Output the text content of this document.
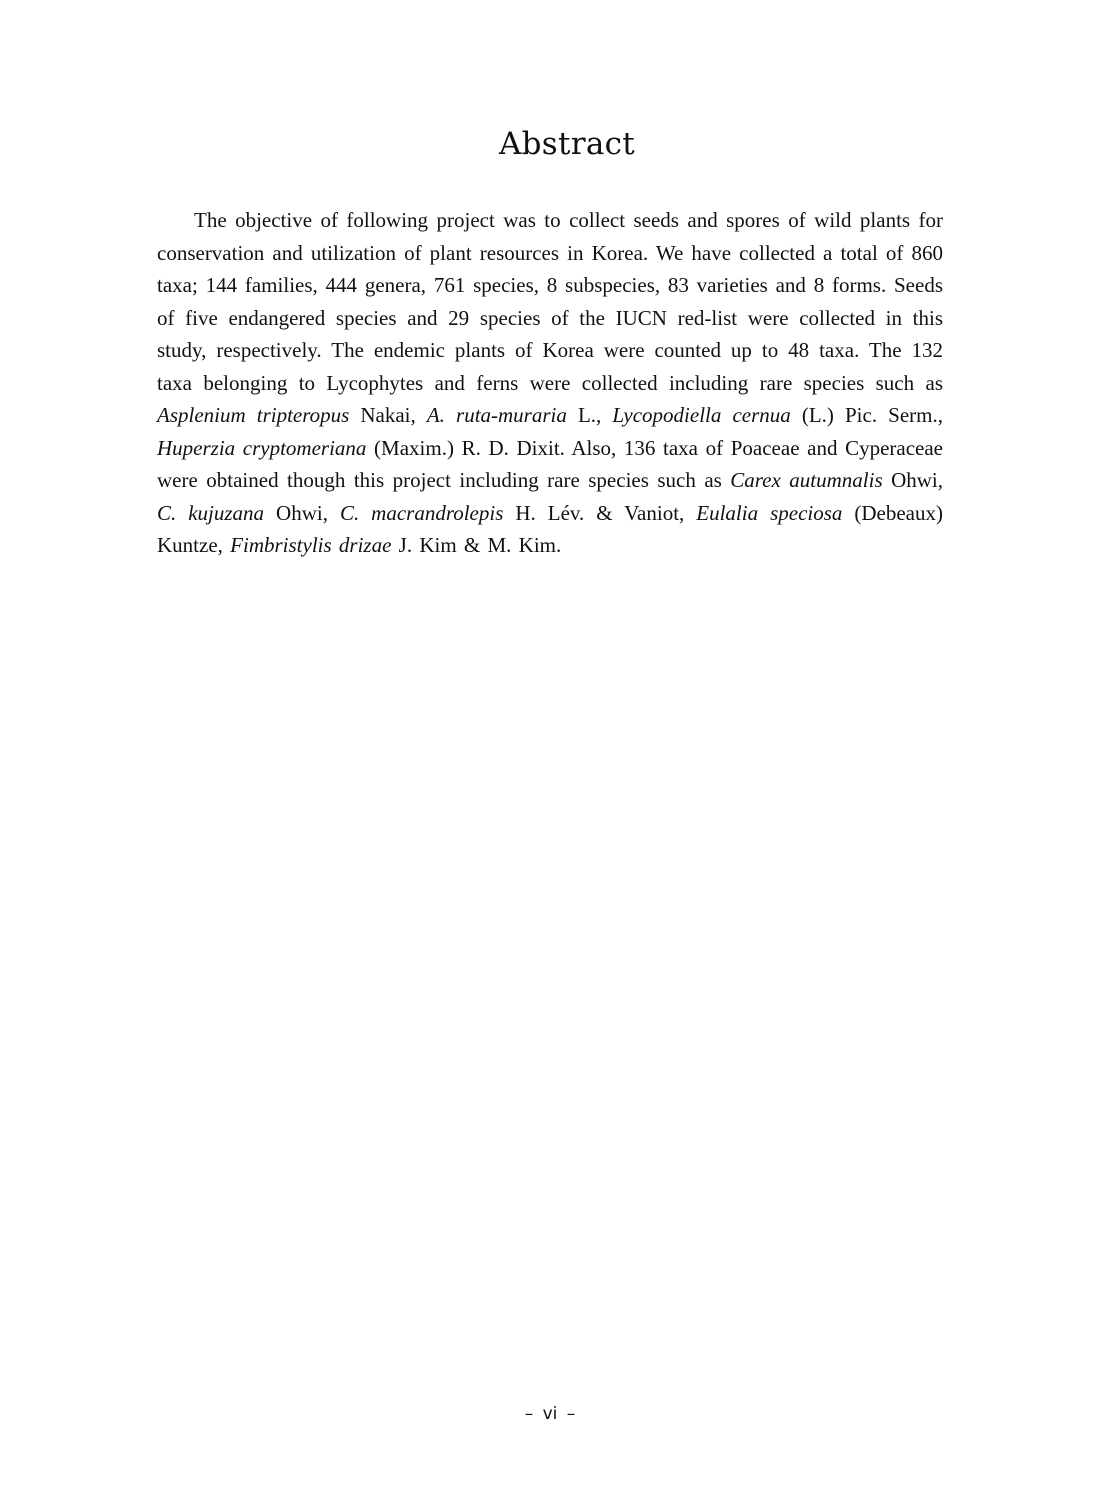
Abstract

The objective of following project was to collect seeds and spores of wild plants for conservation and utilization of plant resources in Korea. We have collected a total of 860 taxa; 144 families, 444 genera, 761 species, 8 subspecies, 83 varieties and 8 forms. Seeds of five endangered species and 29 species of the IUCN red-list were collected in this study, respectively. The endemic plants of Korea were counted up to 48 taxa. The 132 taxa belonging to Lycophytes and ferns were collected including rare species such as Asplenium tripteropus Nakai, A. ruta-muraria L., Lycopodiella cernua (L.) Pic. Serm., Huperzia cryptomeriana (Maxim.) R. D. Dixit. Also, 136 taxa of Poaceae and Cyperaceae were obtained though this project including rare species such as Carex autumnalis Ohwi, C. kujuzana Ohwi, C. macrandrolepis H. Lév. & Vaniot, Eulalia speciosa (Debeaux) Kuntze, Fimbristylis drizae J. Kim & M. Kim.

– vi –
